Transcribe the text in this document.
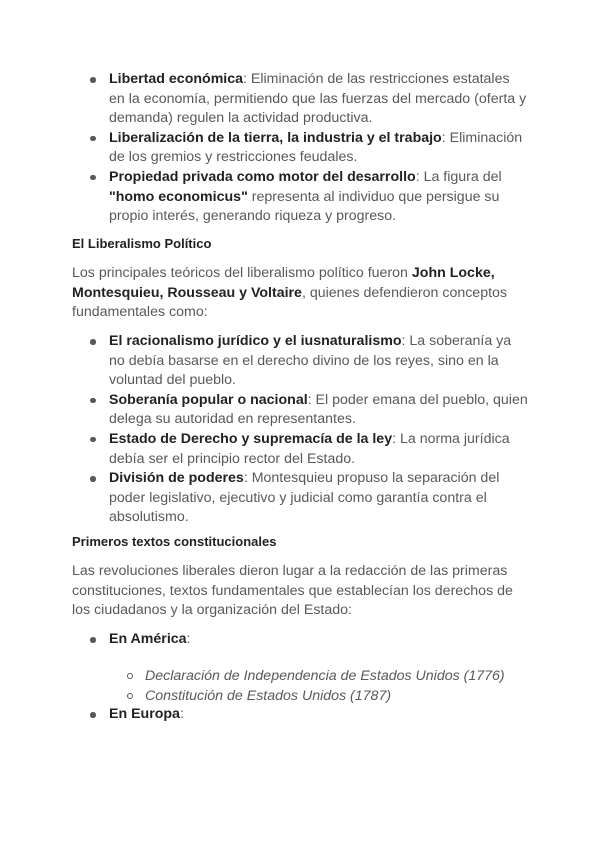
Libertad económica: Eliminación de las restricciones estatales en la economía, permitiendo que las fuerzas del mercado (oferta y demanda) regulen la actividad productiva.
Liberalización de la tierra, la industria y el trabajo: Eliminación de los gremios y restricciones feudales.
Propiedad privada como motor del desarrollo: La figura del "homo economicus" representa al individuo que persigue su propio interés, generando riqueza y progreso.
El Liberalismo Político

Los principales teóricos del liberalismo político fueron John Locke, Montesquieu, Rousseau y Voltaire, quienes defendieron conceptos fundamentales como:

El racionalismo jurídico y el iusnaturalismo: La soberanía ya no debía basarse en el derecho divino de los reyes, sino en la voluntad del pueblo.
Soberanía popular o nacional: El poder emana del pueblo, quien delega su autoridad en representantes.
Estado de Derecho y supremacía de la ley: La norma jurídica debía ser el principio rector del Estado.
División de poderes: Montesquieu propuso la separación del poder legislativo, ejecutivo y judicial como garantía contra el absolutismo.
Primeros textos constitucionales

Las revoluciones liberales dieron lugar a la redacción de las primeras constituciones, textos fundamentales que establecían los derechos de los ciudadanos y la organización del Estado:

En América:
Declaración de Independencia de Estados Unidos (1776)
Constitución de Estados Unidos (1787)
En Europa:
